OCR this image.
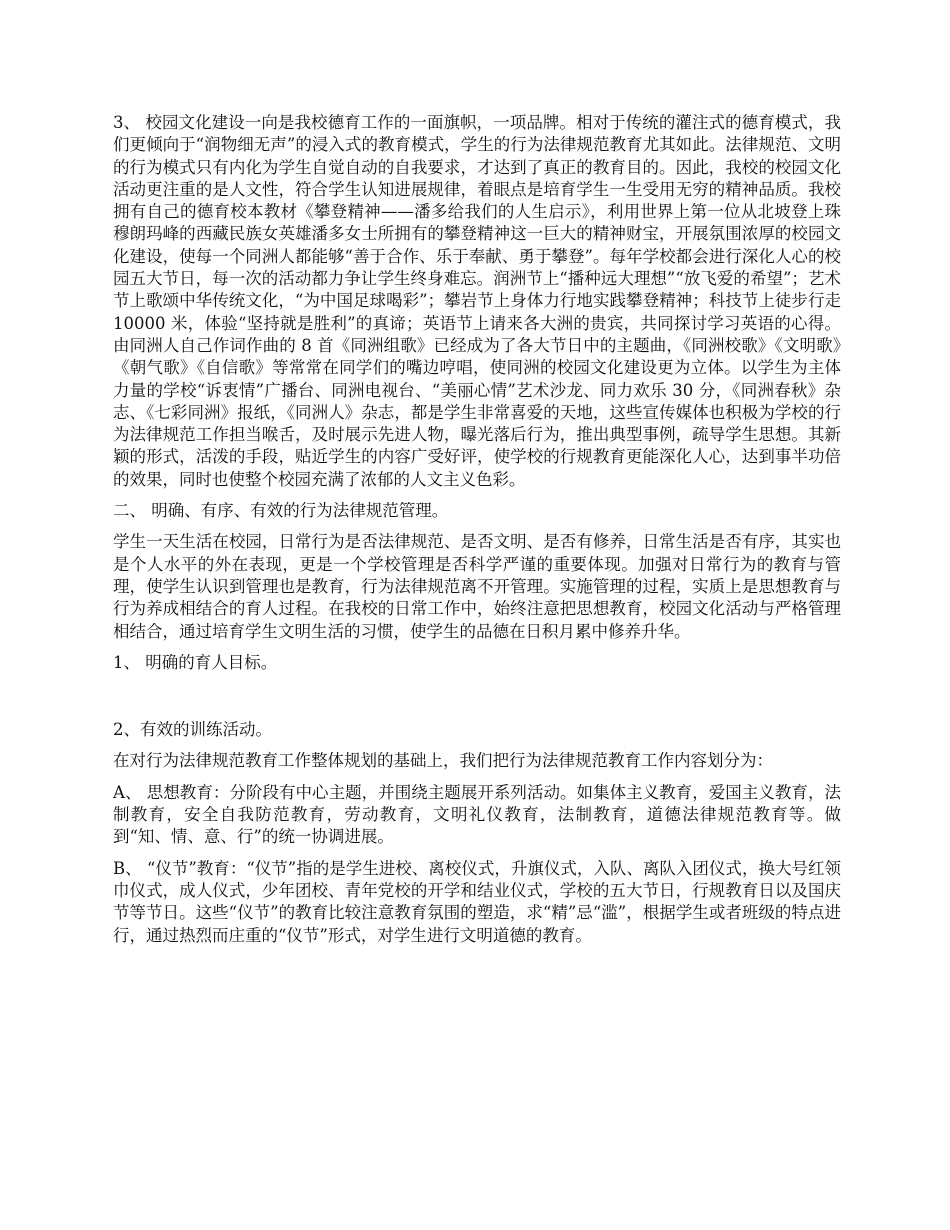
3、 校园文化建设一向是我校德育工作的一面旗帜，一项品牌。相对于传统的灌注式的德育模式，我们更倾向于“润物细无声”的浸入式的教育模式，学生的行为法律规范教育尤其如此。法律规范、文明的行为模式只有内化为学生自觉自动的自我要求，才达到了真正的教育目的。因此，我校的校园文化活动更注重的是人文性，符合学生认知进展规律，着眼点是培育学生一生受用无穷的精神品质。我校拥有自己的德育校本教材《攀登精神——潘多给我们的人生启示》，利用世界上第一位从北坡登上珠穆朗玛峰的西藏民族女英雄潘多女士所拥有的攀登精神这一巨大的精神财宝，开展氛围浓厚的校园文化建设，使每一个同洲人都能够“善于合作、乐于奉献、勇于攀登”。每年学校都会进行深化人心的校园五大节日，每一次的活动都力争让学生终身难忘。润洲节上“播种远大理想”“放飞爱的希望”；艺术节上歌颂中华传统文化，“为中国足球喝彩”；攀岩节上身体力行地实践攀登精神；科技节上徒步行走 10000 米，体验“坚持就是胜利”的真谛；英语节上请来各大洲的贵宾，共同探讨学习英语的心得。由同洲人自己作词作曲的 8 首《同洲组歌》已经成为了各大节日中的主题曲，《同洲校歌》《文明歌》《朝气歌》《自信歌》等常常在同学们的嘴边哼唱，使同洲的校园文化建设更为立体。以学生为主体力量的学校“诉衷情”广播台、同洲电视台、“美丽心情”艺术沙龙、同力欢乐 30 分，《同洲春秋》杂志、《七彩同洲》报纸，《同洲人》杂志，都是学生非常喜爱的天地，这些宣传媒体也积极为学校的行为法律规范工作担当喉舌，及时展示先进人物，曝光落后行为，推出典型事例，疏导学生思想。其新颖的形式，活泼的手段，贴近学生的内容广受好评，使学校的行规教育更能深化人心，达到事半功倍的效果，同时也使整个校园充满了浓郁的人文主义色彩。

二、 明确、有序、有效的行为法律规范管理。

学生一天生活在校园，日常行为是否法律规范、是否文明、是否有修养，日常生活是否有序，其实也是个人水平的外在表现，更是一个学校管理是否科学严谨的重要体现。加强对日常行为的教育与管理，使学生认识到管理也是教育，行为法律规范离不开管理。实施管理的过程，实质上是思想教育与行为养成相结合的育人过程。在我校的日常工作中，始终注意把思想教育，校园文化活动与严格管理相结合，通过培育学生文明生活的习惯，使学生的品德在日积月累中修养升华。

1、 明确的育人目标。

2、有效的训练活动。

在对行为法律规范教育工作整体规划的基础上，我们把行为法律规范教育工作内容划分为：

A、 思想教育：分阶段有中心主题，并围绕主题展开系列活动。如集体主义教育，爱国主义教育，法制教育，安全自我防范教育，劳动教育，文明礼仪教育，法制教育，道德法律规范教育等。做到“知、情、意、行”的统一协调进展。

B、 “仪节”教育：“仪节”指的是学生进校、离校仪式，升旗仪式，入队、离队入团仪式，换大号红领巾仪式，成人仪式，少年团校、青年党校的开学和结业仪式，学校的五大节日，行规教育日以及国庆节等节日。这些“仪节”的教育比较注意教育氛围的塑造，求“精”忌“滥”，根据学生或者班级的特点进行，通过热烈而庄重的“仪节”形式，对学生进行文明道德的教育。
